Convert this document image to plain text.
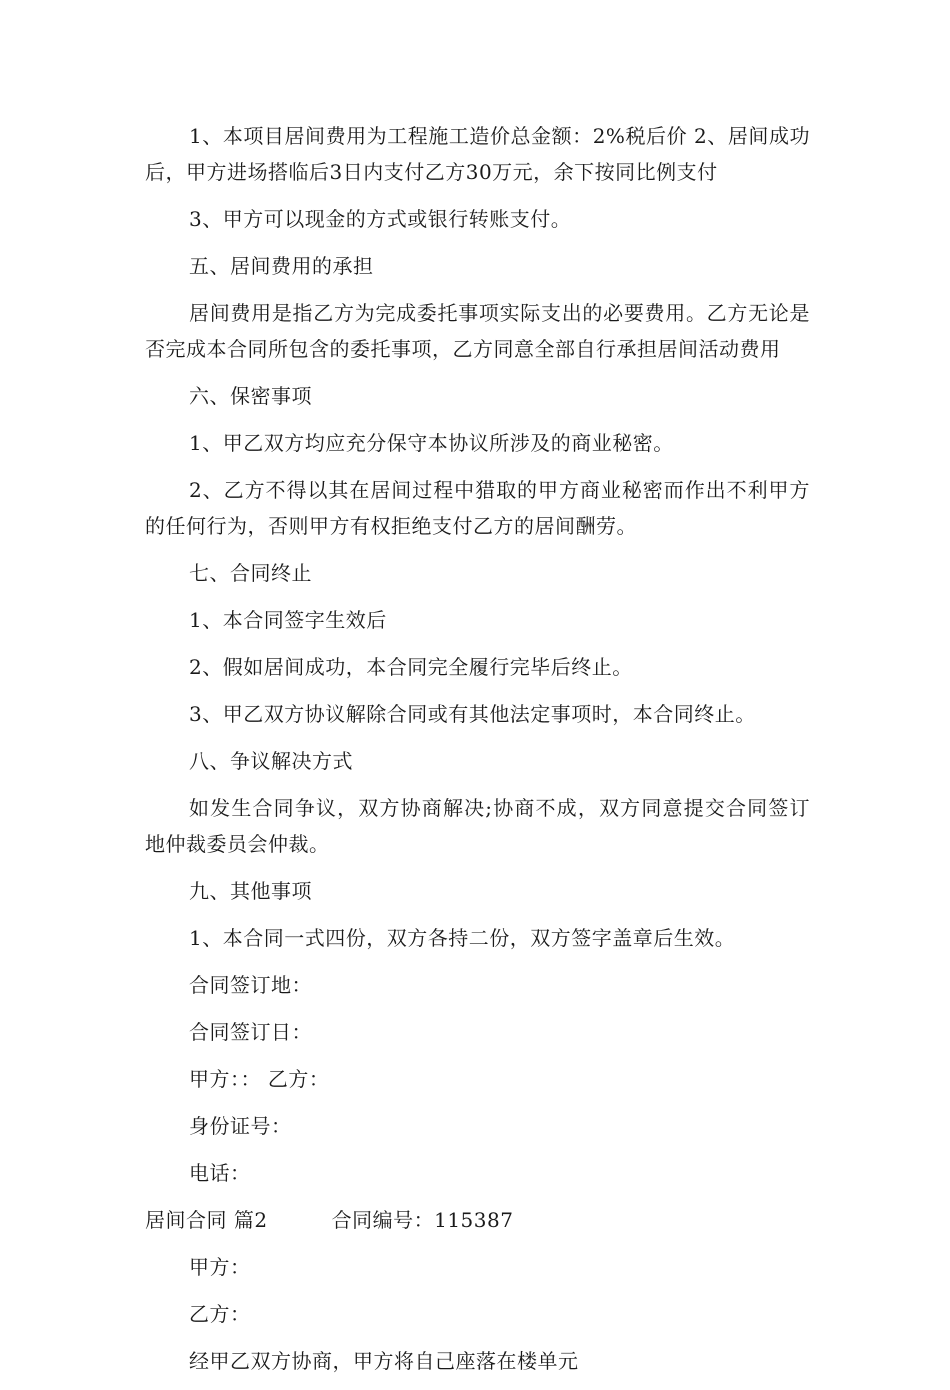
1、本项目居间费用为工程施工造价总金额：2%税后价 2、居间成功后，甲方进场搭临后3日内支付乙方30万元，余下按同比例支付

3、甲方可以现金的方式或银行转账支付。

五、居间费用的承担

居间费用是指乙方为完成委托事项实际支出的必要费用。乙方无论是否完成本合同所包含的委托事项，乙方同意全部自行承担居间活动费用

六、保密事项

1、甲乙双方均应充分保守本协议所涉及的商业秘密。

2、乙方不得以其在居间过程中猎取的甲方商业秘密而作出不利甲方的任何行为，否则甲方有权拒绝支付乙方的居间酬劳。

七、合同终止

1、本合同签字生效后

2、假如居间成功，本合同完全履行完毕后终止。

3、甲乙双方协议解除合同或有其他法定事项时，本合同终止。

八、争议解决方式

如发生合同争议，双方协商解决;协商不成，双方同意提交合同签订地仲裁委员会仲裁。

九、其他事项

1、本合同一式四份，双方各持二份，双方签字盖章后生效。

合同签订地：

合同签订日：

甲方：： 乙方：

身份证号：

电话：

居间合同 篇2	合同编号：115387

甲方：

乙方：

经甲乙双方协商，甲方将自己座落在楼单元
